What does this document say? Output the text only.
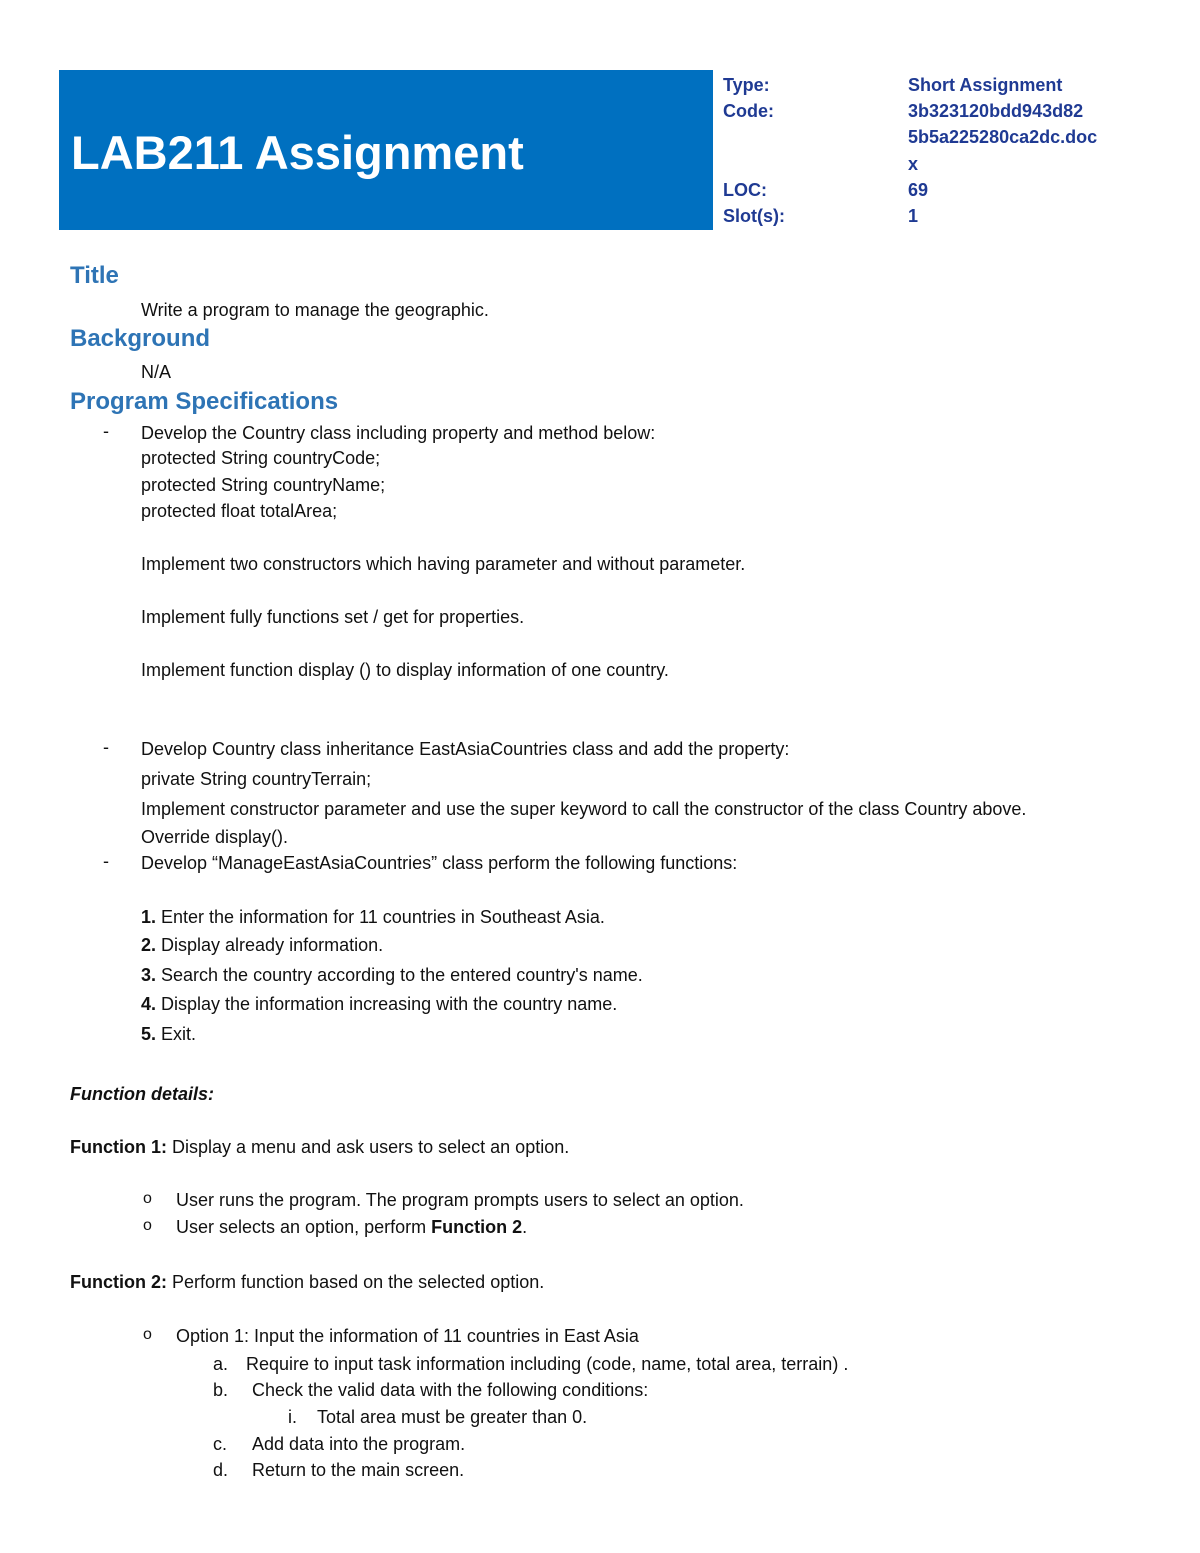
LAB211 Assignment
Type:	Short Assignment
Code:	3b323120bdd943d82
5b5a225280ca2dc.doc
x
LOC:	69
Slot(s):	1
Title
Write a program to manage the geographic.
Background
N/A
Program Specifications
- Develop the Country class including property and method below:
protected String countryCode;
protected String countryName;
protected float totalArea;
Implement two constructors which having parameter and without parameter.
Implement fully functions set / get for properties.
Implement function display () to display information of one country.
- Develop Country class inheritance EastAsiaCountries class and add the property:
private String countryTerrain;
Implement constructor parameter and use the super keyword to call the constructor of the class Country above.
Override display().
- Develop “ManageEastAsiaCountries” class perform the following functions:
1. Enter the information for 11 countries in Southeast Asia.
2. Display already information.
3. Search the country according to the entered country's name.
4. Display the information increasing with the country name.
5. Exit.
Function details:
Function 1: Display a menu and ask users to select an option.
o User runs the program. The program prompts users to select an option.
o User selects an option, perform Function 2.
Function 2: Perform function based on the selected option.
o Option 1: Input the information of 11 countries in East Asia
a. Require to input task information including (code, name, total area, terrain) .
b. Check the valid data with the following conditions:
i. Total area must be greater than 0.
c. Add data into the program.
d. Return to the main screen.
